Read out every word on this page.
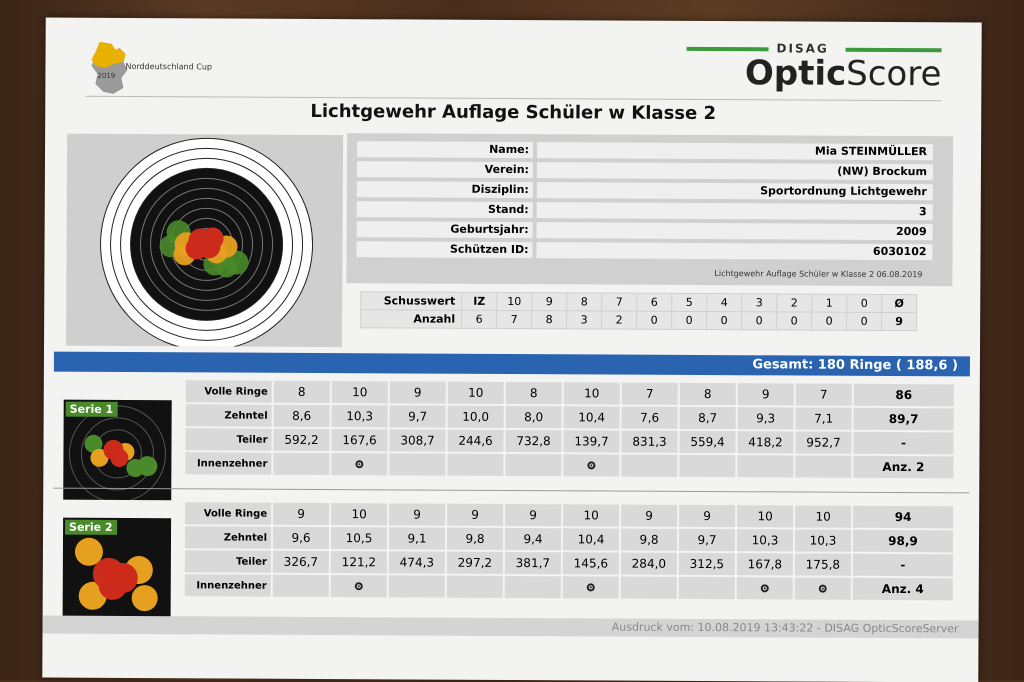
Norddeutschland Cup
2019
DISAG
OpticScore
Lichtgewehr Auflage Schüler w Klasse 2
Name:	Mia STEINMÜLLER
Verein:	(NW) Brockum
Disziplin:	Sportordnung Lichtgewehr
Stand:	3
Geburtsjahr:	2009
Schützen ID:	6030102
Lichtgewehr Auflage Schüler w Klasse 2 06.08.2019
Schusswert	IZ	10	9	8	7	6	5	4	3	2	1	0	Ø
Anzahl	6	7	8	3	2	0	0	0	0	0	0	0	9
Gesamt: 180 Ringe ( 188,6 )
Serie 1
Volle Ringe	8	10	9	10	8	10	7	8	9	7	86
Zehntel	8,6	10,3	9,7	10,0	8,0	10,4	7,6	8,7	9,3	7,1	89,7
Teiler	592,2	167,6	308,7	244,6	732,8	139,7	831,3	559,4	418,2	952,7	-
Innenzehner											Anz. 2
Serie 2
Volle Ringe	9	10	9	9	9	10	9	9	10	10	94
Zehntel	9,6	10,5	9,1	9,8	9,4	10,4	9,8	9,7	10,3	10,3	98,9
Teiler	326,7	121,2	474,3	297,2	381,7	145,6	284,0	312,5	167,8	175,8	-
Innenzehner											Anz. 4
Ausdruck vom: 10.08.2019 13:43:22 - DISAG OpticScoreServer
